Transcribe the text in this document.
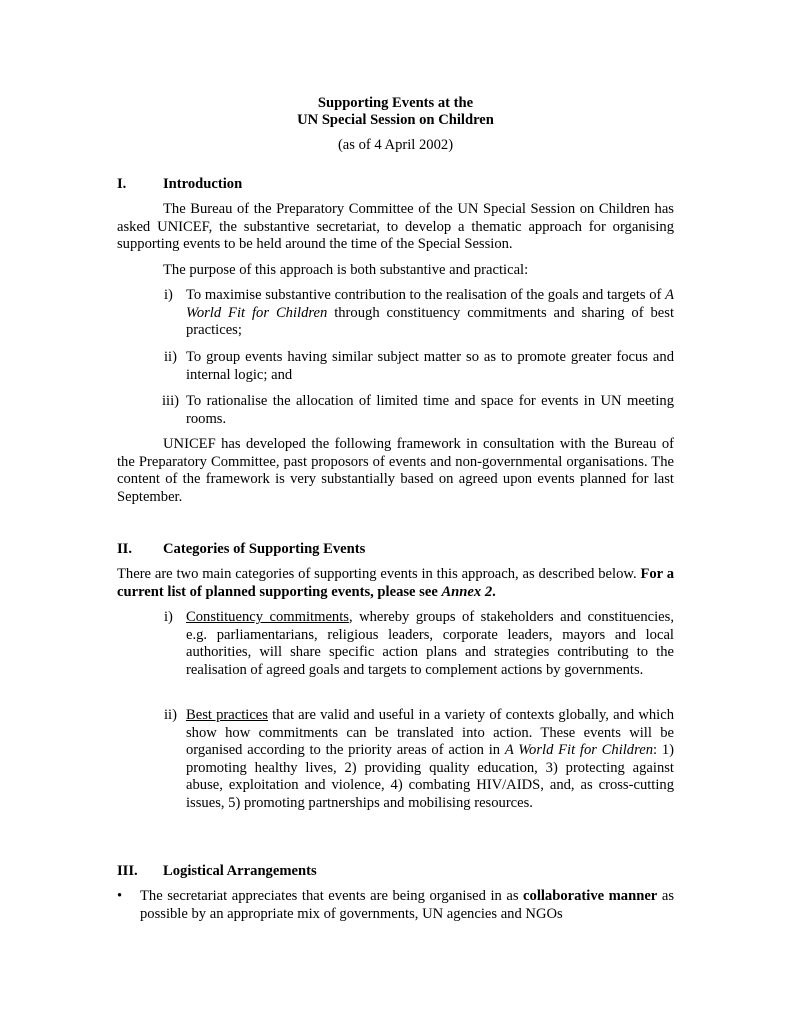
Supporting Events at the
UN Special Session on Children
(as of 4 April 2002)
I.	Introduction
The Bureau of the Preparatory Committee of the UN Special Session on Children has asked UNICEF, the substantive secretariat, to develop a thematic approach for organising supporting events to be held around the time of the Special Session.
The purpose of this approach is both substantive and practical:
i) To maximise substantive contribution to the realisation of the goals and targets of A World Fit for Children through constituency commitments and sharing of best practices;
ii) To group events having similar subject matter so as to promote greater focus and internal logic; and
iii) To rationalise the allocation of limited time and space for events in UN meeting rooms.
UNICEF has developed the following framework in consultation with the Bureau of the Preparatory Committee, past proposors of events and non-governmental organisations. The content of the framework is very substantially based on agreed upon events planned for last September.
II. Categories of Supporting Events
There are two main categories of supporting events in this approach, as described below. For a current list of planned supporting events, please see Annex 2.
i) Constituency commitments, whereby groups of stakeholders and constituencies, e.g. parliamentarians, religious leaders, corporate leaders, mayors and local authorities, will share specific action plans and strategies contributing to the realisation of agreed goals and targets to complement actions by governments.
ii) Best practices that are valid and useful in a variety of contexts globally, and which show how commitments can be translated into action. These events will be organised according to the priority areas of action in A World Fit for Children: 1) promoting healthy lives, 2) providing quality education, 3) protecting against abuse, exploitation and violence, 4) combating HIV/AIDS, and, as cross-cutting issues, 5) promoting partnerships and mobilising resources.
III. Logistical Arrangements
• The secretariat appreciates that events are being organised in as collaborative manner as possible by an appropriate mix of governments, UN agencies and NGOs
